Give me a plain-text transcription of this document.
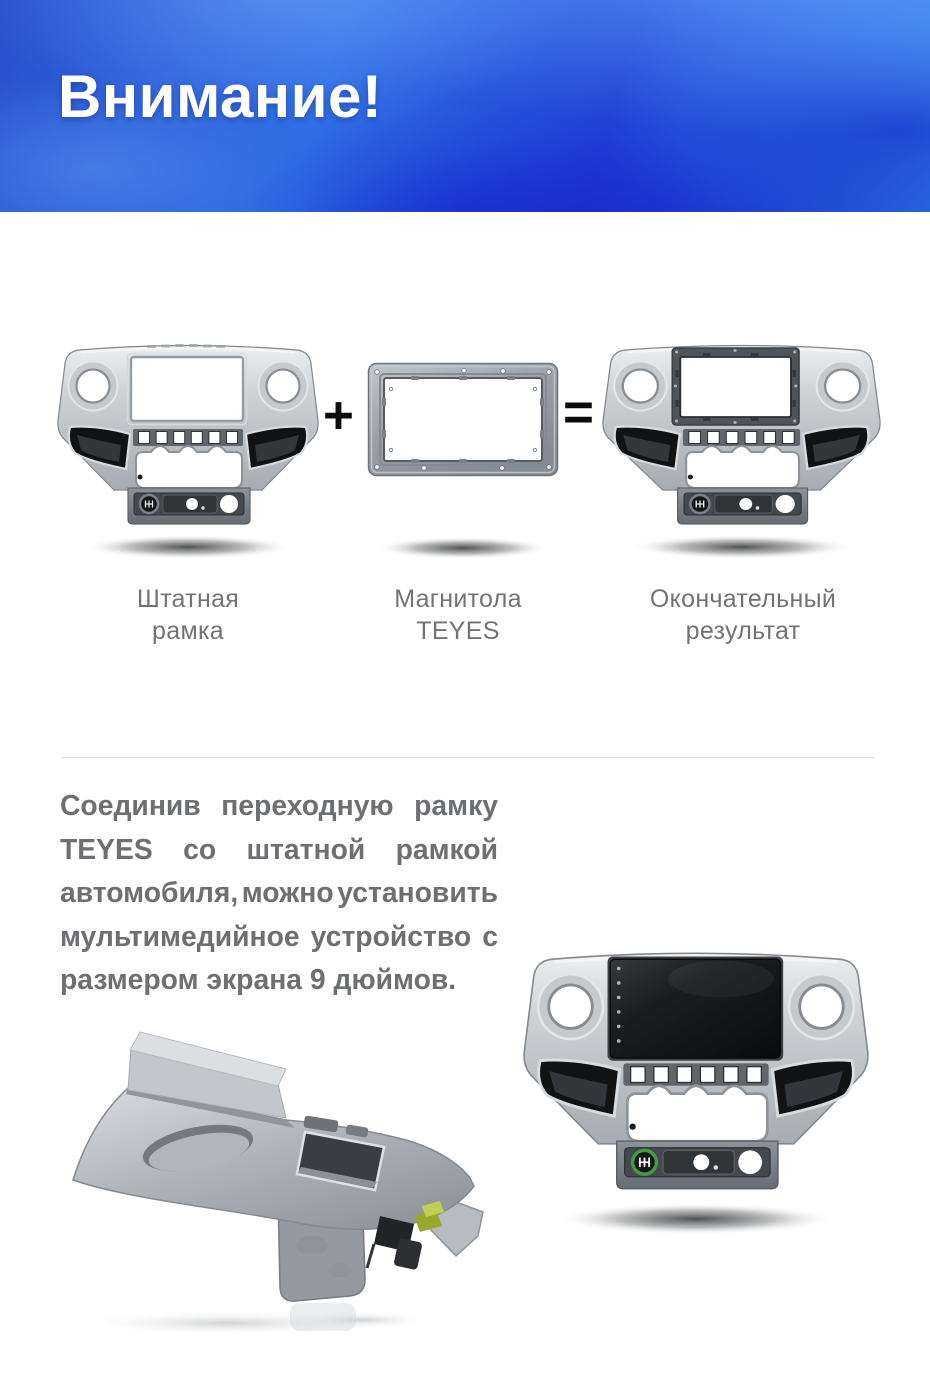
Внимание!
+	=
Штатная
рамка
Магнитола
TEYES
Окончательный
результат
Соединив переходную рамку
TEYES со штатной рамкой
автомобиля, можно установить
мультимедийное устройство с
размером экрана 9 дюймов.
